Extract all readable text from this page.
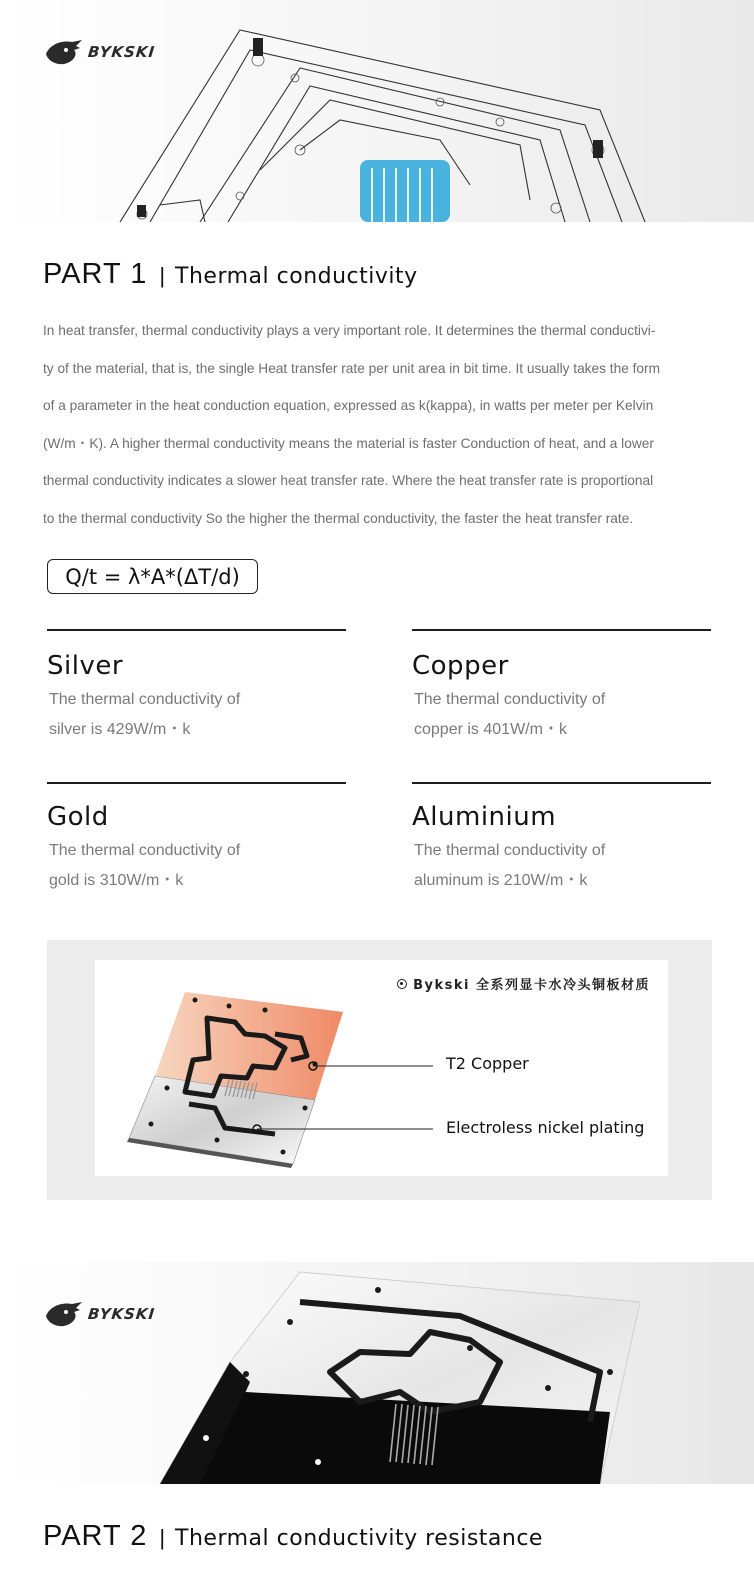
BYKSKI
PART 1 | Thermal conductivity

In heat transfer, thermal conductivity plays a very important role. It determines the thermal conductivi-

ty of the material, that is, the single Heat transfer rate per unit area in bit time. It usually takes the form

of a parameter in the heat conduction equation, expressed as k(kappa), in watts per meter per Kelvin

(W/m・K). A higher thermal conductivity means the material is faster Conduction of heat, and a lower

thermal conductivity indicates a slower heat transfer rate. Where the heat transfer rate is proportional

to the thermal conductivity So the higher the thermal conductivity, the faster the heat transfer rate.

Q/t = λ*A*(ΔT/d)
Silver
The thermal conductivity of
silver is 429W/m・k
Copper
The thermal conductivity of
copper is 401W/m・k
Gold
The thermal conductivity of
gold is 310W/m・k
Aluminium
The thermal conductivity of
aluminum is 210W/m・k
Bykski 全系列显卡水冷头铜板材质
T2 Copper
Electroless nickel plating
BYKSKI
PART 2 | Thermal conductivity resistance
